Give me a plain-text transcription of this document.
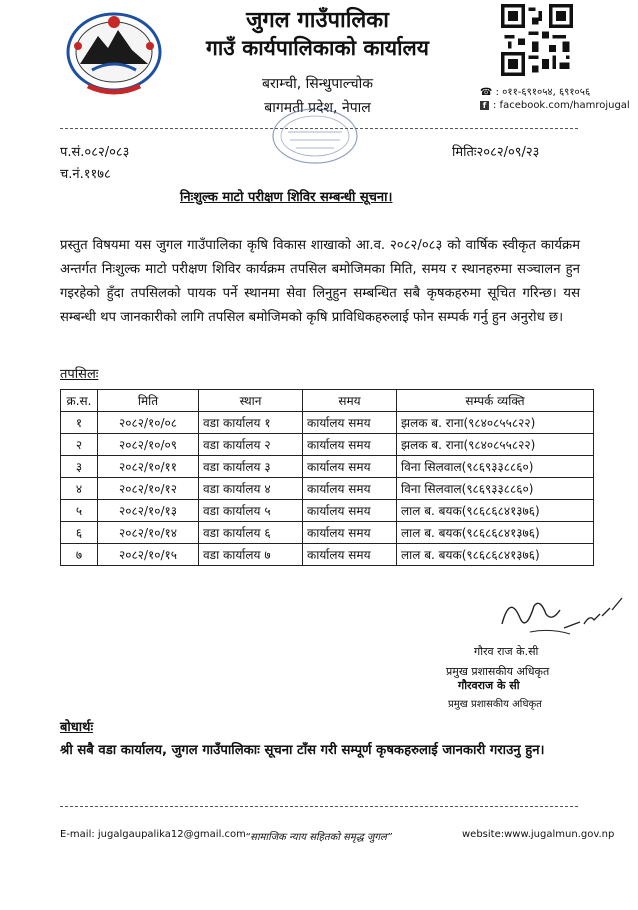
जुगल गाउँपालिका
गाउँ कार्यपालिकाको कार्यालय
बराम्ची, सिन्धुपाल्चोक
बागमती प्रदेश, नेपाल
☎ : ०११-६९१०५४, ६९१०५६
f : facebook.com/hamrojugal
प.सं.०८२/०८३
च.नं.११७८
मितिः२०८२/०९/२३
निःशुल्क माटो परीक्षण शिविर सम्बन्धी सूचना।
प्रस्तुत विषयमा यस जुगल गाउँपालिका कृषि विकास शाखाको आ.व. २०८२/०८३ को वार्षिक स्वीकृत कार्यक्रम अन्तर्गत निःशुल्क माटो परीक्षण शिविर कार्यक्रम तपसिल बमोजिमका मिति, समय र स्थानहरुमा सञ्चालन हुन गइरहेको हुँदा तपसिलको पायक पर्ने स्थानमा सेवा लिनुहुन सम्बन्धित सबै कृषकहरुमा सूचित गरिन्छ। यस सम्बन्धी थप जानकारीको लागि तपसिल बमोजिमको कृषि प्राविधिकहरुलाई फोन सम्पर्क गर्नु हुन अनुरोध छ।
तपसिलः
क्र.स.	मिति	स्थान	समय	सम्पर्क व्यक्ति
१	२०८२/१०/०८	वडा कार्यालय १	कार्यालय समय	झलक ब. राना(९८४०८५५८२२)
२	२०८२/१०/०९	वडा कार्यालय २	कार्यालय समय	झलक ब. राना(९८४०८५५८२२)
३	२०८२/१०/११	वडा कार्यालय ३	कार्यालय समय	विना सिलवाल(९८६९३३८८६०)
४	२०८२/१०/१२	वडा कार्यालय ४	कार्यालय समय	विना सिलवाल(९८६९३३८८६०)
५	२०८२/१०/१३	वडा कार्यालय ५	कार्यालय समय	लाल ब. बयक(९८६८६८४१३७६)
६	२०८२/१०/१४	वडा कार्यालय ६	कार्यालय समय	लाल ब. बयक(९८६८६८४१३७६)
७	२०८२/१०/१५	वडा कार्यालय ७	कार्यालय समय	लाल ब. बयक(९८६८६८४१३७६)
गौरव राज के.सी
प्रमुख प्रशासकीय अधिकृत
गौरवराज के सी
प्रमुख प्रशासकीय अधिकृत
बोधार्थः
श्री सबै वडा कार्यालय, जुगल गाउँपालिकाः सूचना टाँस गरी सम्पूर्ण कृषकहरुलाई जानकारी गराउनु हुन।
E-mail: jugalgaupalika12@gmail.com “सामाजिक न्याय सहितको समृद्ध जुगल”	website:www.jugalmun.gov.np
